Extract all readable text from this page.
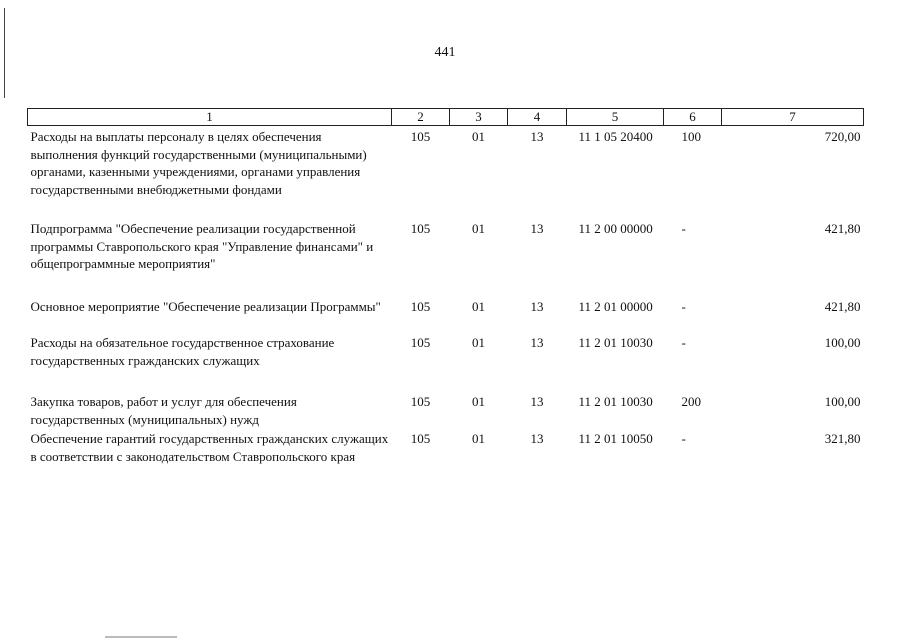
441
1	2	3	4	5	6	7
Расходы на выплаты персоналу в целях обеспечения выполнения функций государственными (муниципальными) органами, казенными учреждениями, органами управления государственными внебюджетными фондами	105	01	13	11 1 05 20400	100	720,00
Подпрограмма "Обеспечение реализации государственной программы Ставропольского края "Управление финансами" и общепрограммные мероприятия"	105	01	13	11 2 00 00000	-	421,80
Основное мероприятие "Обеспечение реализации Программы"	105	01	13	11 2 01 00000	-	421,80
Расходы на обязательное государственное страхование государственных гражданских служащих	105	01	13	11 2 01 10030	-	100,00
Закупка товаров, работ и услуг для обеспечения государственных (муниципальных) нужд	105	01	13	11 2 01 10030	200	100,00
Обеспечение гарантий государственных гражданских служащих в соответствии с законодательством Ставропольского края	105	01	13	11 2 01 10050	-	321,80
